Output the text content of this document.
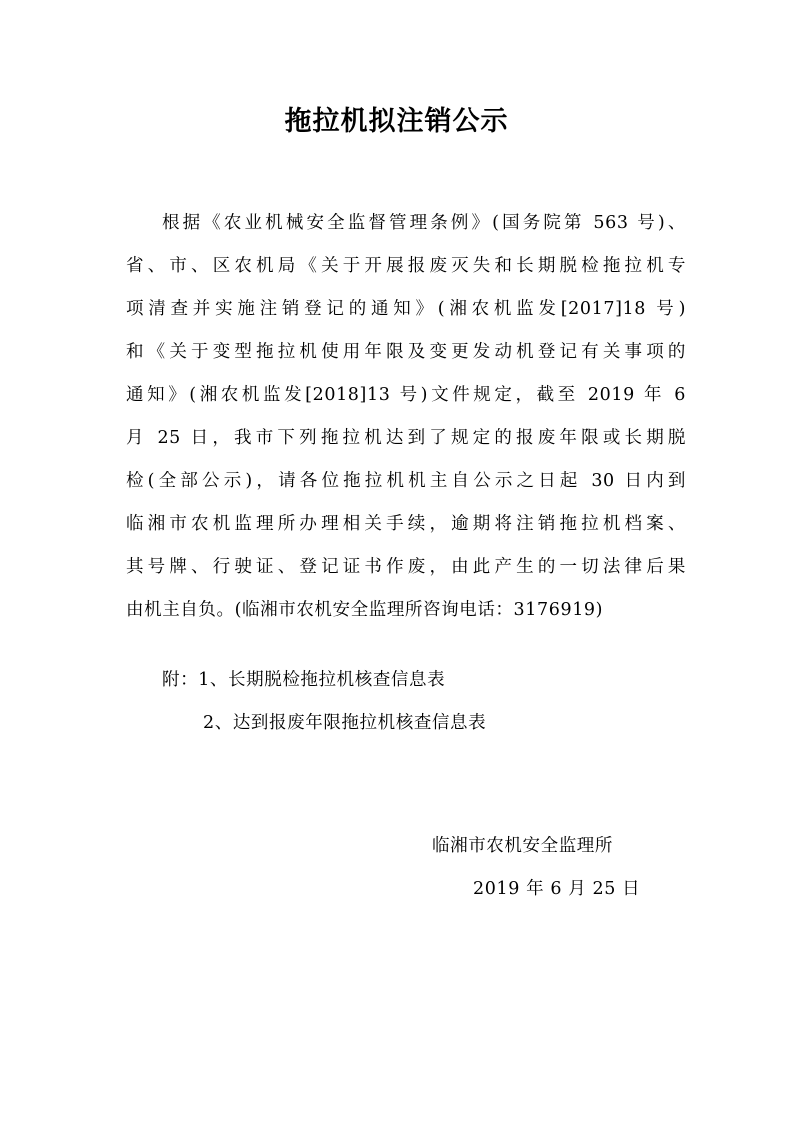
拖拉机拟注销公示
根据《农业机械安全监督管理条例》(国务院第 563 号)、
省、市、区农机局《关于开展报废灭失和长期脱检拖拉机专
项清查并实施注销登记的通知》(湘农机监发[2017]18 号)
和《关于变型拖拉机使用年限及变更发动机登记有关事项的
通知》(湘农机监发[2018]13 号)文件规定，截至 2019 年 6
月 25 日，我市下列拖拉机达到了规定的报废年限或长期脱
检(全部公示)，请各位拖拉机机主自公示之日起 30 日内到
临湘市农机监理所办理相关手续，逾期将注销拖拉机档案、
其号牌、行驶证、登记证书作废，由此产生的一切法律后果
由机主自负。(临湘市农机安全监理所咨询电话：3176919)
附：1、长期脱检拖拉机核查信息表
2、达到报废年限拖拉机核查信息表
临湘市农机安全监理所
2019 年 6 月 25 日
